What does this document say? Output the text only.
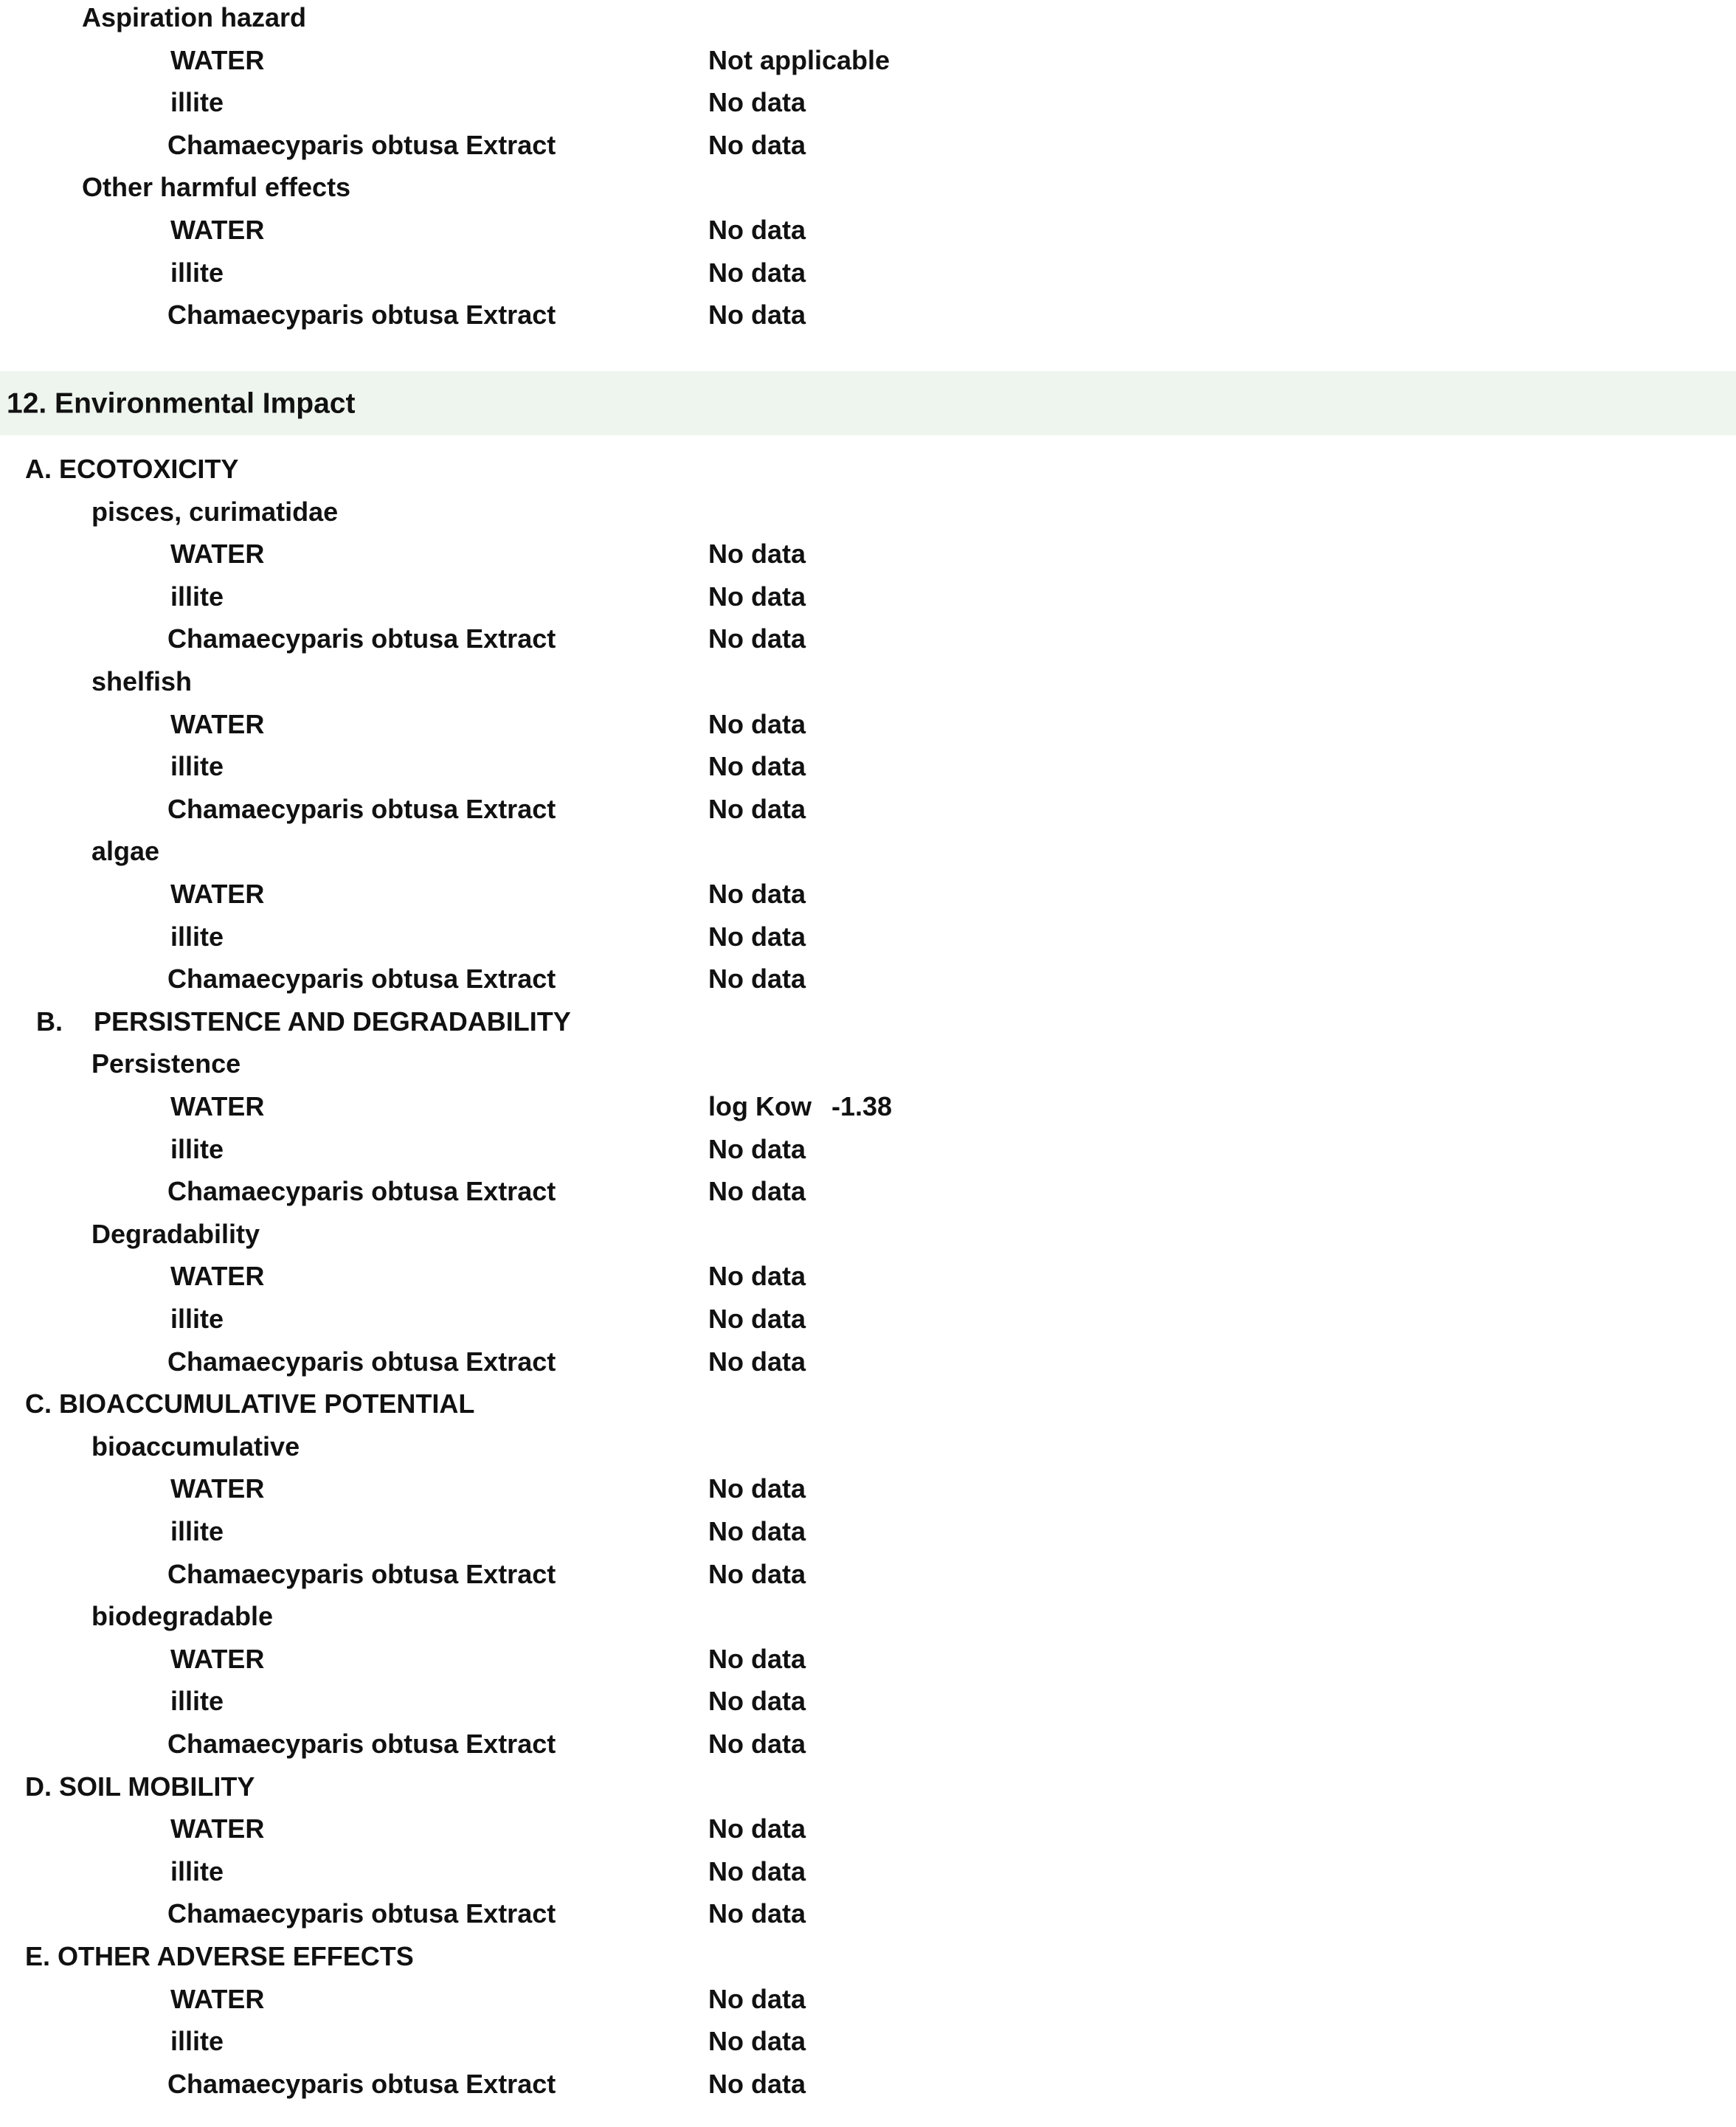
12. Environmental Impact
Aspiration hazard
WATER	Not applicable
illite	No data
Chamaecyparis obtusa Extract	No data
Other harmful effects
WATER	No data
illite	No data
Chamaecyparis obtusa Extract	No data
A. ECOTOXICITY
pisces, curimatidae
WATER	No data
illite	No data
Chamaecyparis obtusa Extract	No data
shelfish
WATER	No data
illite	No data
Chamaecyparis obtusa Extract	No data
algae
WATER	No data
illite	No data
Chamaecyparis obtusa Extract	No data
B. PERSISTENCE AND DEGRADABILITY
Persistence
WATER	log Kow -1.38
illite	No data
Chamaecyparis obtusa Extract	No data
Degradability
WATER	No data
illite	No data
Chamaecyparis obtusa Extract	No data
C. BIOACCUMULATIVE POTENTIAL
bioaccumulative
WATER	No data
illite	No data
Chamaecyparis obtusa Extract	No data
biodegradable
WATER	No data
illite	No data
Chamaecyparis obtusa Extract	No data
D. SOIL MOBILITY
WATER	No data
illite	No data
Chamaecyparis obtusa Extract	No data
E. OTHER ADVERSE EFFECTS
WATER	No data
illite	No data
Chamaecyparis obtusa Extract	No data
